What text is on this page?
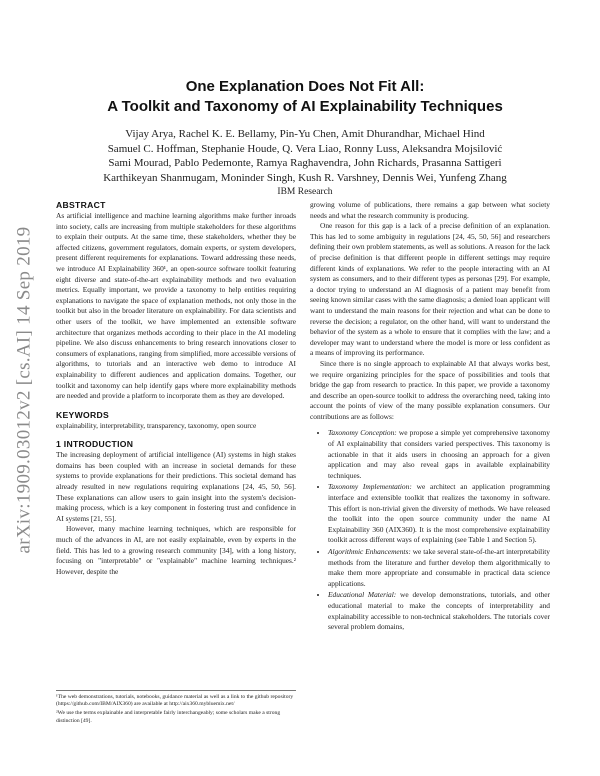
arXiv:1909.03012v2 [cs.AI] 14 Sep 2019
One Explanation Does Not Fit All:
A Toolkit and Taxonomy of AI Explainability Techniques
Vijay Arya, Rachel K. E. Bellamy, Pin-Yu Chen, Amit Dhurandhar, Michael Hind
Samuel C. Hoffman, Stephanie Houde, Q. Vera Liao, Ronny Luss, Aleksandra Mojsilović
Sami Mourad, Pablo Pedemonte, Ramya Raghavendra, John Richards, Prasanna Sattigeri
Karthikeyan Shanmugam, Moninder Singh, Kush R. Varshney, Dennis Wei, Yunfeng Zhang
IBM Research
ABSTRACT

As artificial intelligence and machine learning algorithms make further inroads into society, calls are increasing from multiple stakeholders for these algorithms to explain their outputs. At the same time, these stakeholders, whether they be affected citizens, government regulators, domain experts, or system developers, present different requirements for explanations. Toward addressing these needs, we introduce AI Explainability 360¹, an open-source software toolkit featuring eight diverse and state-of-the-art explainability methods and two evaluation metrics. Equally important, we provide a taxonomy to help entities requiring explanations to navigate the space of explanation methods, not only those in the toolkit but also in the broader literature on explainability. For data scientists and other users of the toolkit, we have implemented an extensible software architecture that organizes methods according to their place in the AI modeling pipeline. We also discuss enhancements to bring research innovations closer to consumers of explanations, ranging from simplified, more accessible versions of algorithms, to tutorials and an interactive web demo to introduce AI explainability to different audiences and application domains. Together, our toolkit and taxonomy can help identify gaps where more explainability methods are needed and provide a platform to incorporate them as they are developed.

KEYWORDS

explainability, interpretability, transparency, taxonomy, open source

1 INTRODUCTION

The increasing deployment of artificial intelligence (AI) systems in high stakes domains has been coupled with an increase in societal demands for these systems to provide explanations for their predictions. This societal demand has already resulted in new regulations requiring explanations [24, 45, 50, 56]. These explanations can allow users to gain insight into the system's decision-making process, which is a key component in fostering trust and confidence in AI systems [21, 55].

However, many machine learning techniques, which are responsible for much of the advances in AI, are not easily explainable, even by experts in the field. This has led to a growing research community [34], with a long history, focusing on "interpretable" or "explainable" machine learning techniques.² However, despite the

¹The web demonstrations, tutorials, notebooks, guidance material as well as a link to the github repository (https://github.com/IBM/AIX360) are available at http://aix360.mybluemix.net/

²We use the terms explainable and interpretable fairly interchangeably; some scholars make a strong distinction [49].

growing volume of publications, there remains a gap between what society needs and what the research community is producing.

One reason for this gap is a lack of a precise definition of an explanation. This has led to some ambiguity in regulations [24, 45, 50, 56] and researchers defining their own problem statements, as well as solutions. A reason for the lack of precise definition is that different people in different settings may require different kinds of explanations. We refer to the people interacting with an AI system as consumers, and to their different types as personas [29]. For example, a doctor trying to understand an AI diagnosis of a patient may benefit from seeing known similar cases with the same diagnosis; a denied loan applicant will want to understand the main reasons for their rejection and what can be done to reverse the decision; a regulator, on the other hand, will want to understand the behavior of the system as a whole to ensure that it complies with the law; and a developer may want to understand where the model is more or less confident as a means of improving its performance.

Since there is no single approach to explainable AI that always works best, we require organizing principles for the space of possibilities and tools that bridge the gap from research to practice. In this paper, we provide a taxonomy and describe an open-source toolkit to address the overarching need, taking into account the points of view of the many possible explanation consumers. Our contributions are as follows:

• Taxonomy Conception: we propose a simple yet comprehensive taxonomy of AI explainability that considers varied perspectives. This taxonomy is actionable in that it aids users in choosing an approach for a given application and may also reveal gaps in available explainability techniques.
• Taxonomy Implementation: we architect an application programming interface and extensible toolkit that realizes the taxonomy in software. This effort is non-trivial given the diversity of methods. We have released the toolkit into the open source community under the name AI Explainability 360 (AIX360). It is the most comprehensive explainability toolkit across different ways of explaining (see Table 1 and Section 5).
• Algorithmic Enhancements: we take several state-of-the-art interpretability methods from the literature and further develop them algorithmically to make them more appropriate and consumable in practical data science applications.
• Educational Material: we develop demonstrations, tutorials, and other educational material to make the concepts of interpretability and explainability accessible to non-technical stakeholders. The tutorials cover several problem domains,
